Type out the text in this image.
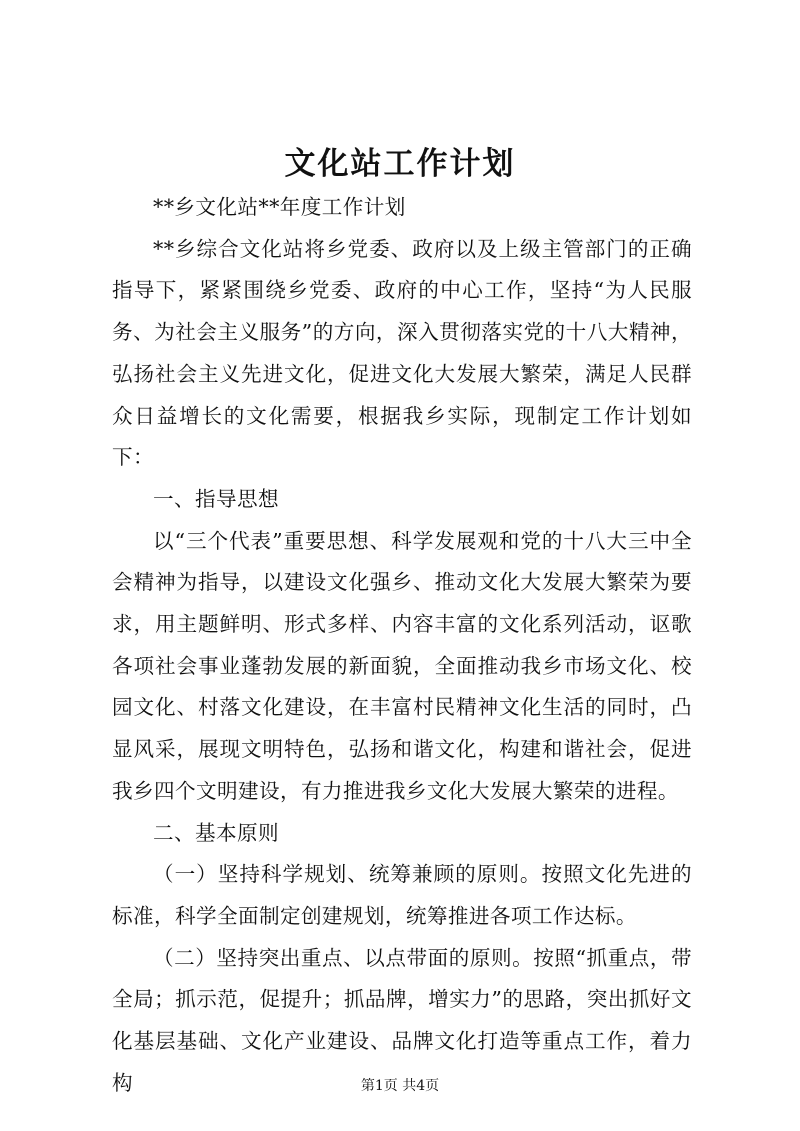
文化站工作计划

**乡文化站**年度工作计划

**乡综合文化站将乡党委、政府以及上级主管部门的正确指导下，紧紧围绕乡党委、政府的中心工作，坚持“为人民服务、为社会主义服务”的方向，深入贯彻落实党的十八大精神，弘扬社会主义先进文化，促进文化大发展大繁荣，满足人民群众日益增长的文化需要，根据我乡实际，现制定工作计划如下：

一、指导思想

以“三个代表”重要思想、科学发展观和党的十八大三中全会精神为指导，以建设文化强乡、推动文化大发展大繁荣为要求，用主题鲜明、形式多样、内容丰富的文化系列活动，讴歌各项社会事业蓬勃发展的新面貌，全面推动我乡市场文化、校园文化、村落文化建设，在丰富村民精神文化生活的同时，凸显风采，展现文明特色，弘扬和谐文化，构建和谐社会，促进我乡四个文明建设，有力推进我乡文化大发展大繁荣的进程。

二、基本原则

（一）坚持科学规划、统筹兼顾的原则。按照文化先进的标准，科学全面制定创建规划，统筹推进各项工作达标。

（二）坚持突出重点、以点带面的原则。按照“抓重点，带全局；抓示范，促提升；抓品牌，增实力”的思路，突出抓好文化基层基础、文化产业建设、品牌文化打造等重点工作，着力构	第1页 共4页
